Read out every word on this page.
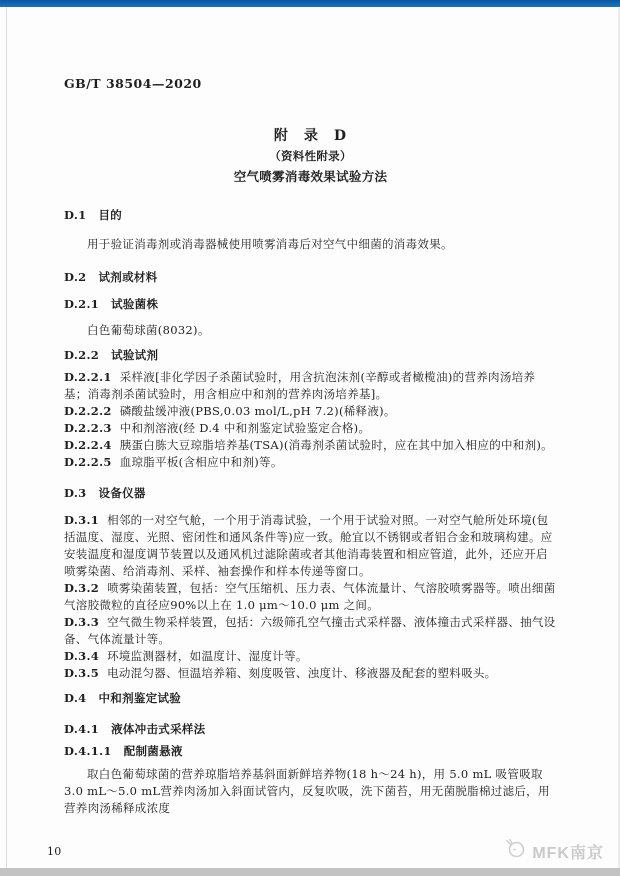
GB/T 38504—2020
附　录　D
（资料性附录）
空气喷雾消毒效果试验方法
D.1 目的

用于验证消毒剂或消毒器械使用喷雾消毒后对空气中细菌的消毒效果。

D.2 试剂或材料
D.2.1 试验菌株

白色葡萄球菌(8032)。

D.2.2 试验试剂
D.2.2.1 采样液[非化学因子杀菌试验时，用含抗泡沫剂(辛醇或者橄榄油)的营养肉汤培养基；消毒剂杀菌试验时，用含相应中和剂的营养肉汤培养基]。
D.2.2.2 磷酸盐缓冲液(PBS,0.03 mol/L,pH 7.2)(稀释液)。
D.2.2.3 中和剂溶液(经 D.4 中和剂鉴定试验鉴定合格)。
D.2.2.4 胰蛋白胨大豆琼脂培养基(TSA)(消毒剂杀菌试验时，应在其中加入相应的中和剂)。
D.2.2.5 血琼脂平板(含相应中和剂)等。
D.3 设备仪器
D.3.1 相邻的一对空气舱，一个用于消毒试验，一个用于试验对照。一对空气舱所处环境(包括温度、湿度、光照、密闭性和通风条件等)应一致。舱宜以不锈钢或者铝合金和玻璃构建。应安装温度和湿度调节装置以及通风机过滤除菌或者其他消毒装置和相应管道，此外，还应开启喷雾染菌、给消毒剂、采样、袖套操作和样本传递等窗口。
D.3.2 喷雾染菌装置，包括：空气压缩机、压力表、气体流量计、气溶胶喷雾器等。喷出细菌气溶胶微粒的直径应90%以上在 1.0 μm～10.0 μm 之间。
D.3.3 空气微生物采样装置，包括：六级筛孔空气撞击式采样器、液体撞击式采样器、抽气设备、气体流量计等。
D.3.4 环境监测器材，如温度计、湿度计等。
D.3.5 电动混匀器、恒温培养箱、刻度吸管、浊度计、移液器及配套的塑料吸头。
D.4 中和剂鉴定试验
D.4.1 液体冲击式采样法
D.4.1.1 配制菌悬液

取白色葡萄球菌的营养琼脂培养基斜面新鲜培养物(18 h～24 h)，用 5.0 mL 吸管吸取 3.0 mL～5.0 mL营养肉汤加入斜面试管内，反复吹吸，洗下菌苔，用无菌脱脂棉过滤后，用营养肉汤稀释成浓度

10	MFK南京
